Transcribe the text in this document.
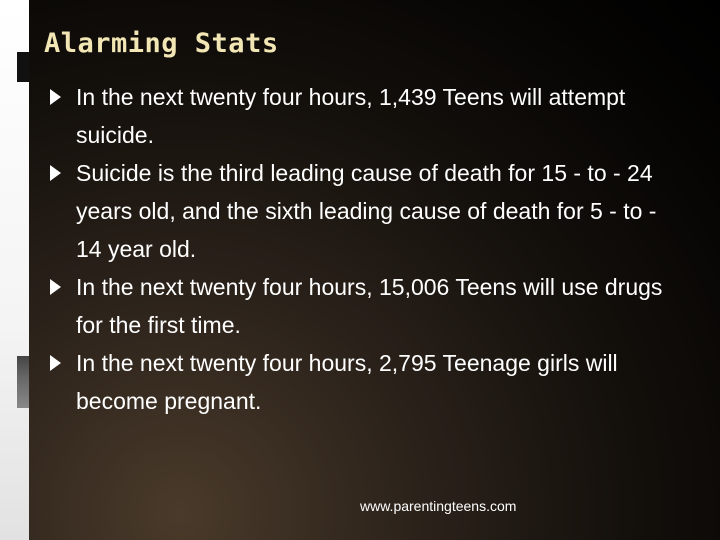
Alarming Stats
In the next twenty four hours, 1,439 Teens will attempt suicide.
Suicide is the third leading cause of death for 15 - to - 24 years old, and the sixth leading cause of death for 5 - to - 14 year old.
In the next twenty four hours, 15,006 Teens will use drugs for the first time.
In the next twenty four hours, 2,795 Teenage girls will become pregnant.
www.parentingteens.com
